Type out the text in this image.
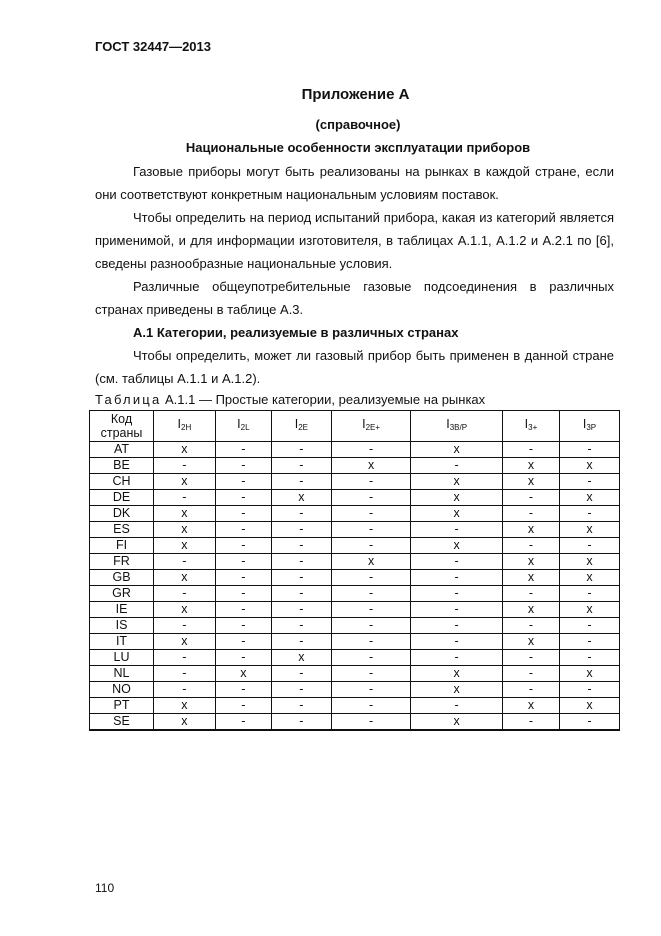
ГОСТ 32447—2013
Приложение А
(справочное)
Национальные особенности эксплуатации приборов

Газовые приборы могут быть реализованы на рынках в каждой стране, если они соответствуют конкретным национальным условиям поставок.

Чтобы определить на период испытаний прибора, какая из категорий является применимой, и для информации изготовителя, в таблицах А.1.1, А.1.2 и А.2.1 по [6], сведены разнообразные национальные условия.

Различные общеупотребительные газовые подсоединения в различных странах приведены в таблице А.3.

А.1 Категории, реализуемые в различных странах

Чтобы определить, может ли газовый прибор быть применен в данной стране (см. таблицы А.1.1 и А.1.2).

Таблица А.1.1 — Простые категории, реализуемые на рынках
Код страны	$I_{2H}$	$I_{2L}$	$I_{2E}$	$I_{2E+}$	$I_{3B/P}$	$I_{3+}$	$I_{3P}$
AT	x	-	-	-	x	-	-
BE	-	-	-	x	-	x	x
CH	x	-	-	-	x	x	-
DE	-	-	x	-	x	-	x
DK	x	-	-	-	x	-	-
ES	x	-	-	-	-	x	x
FI	x	-	-	-	x	-	-
FR	-	-	-	x	-	x	x
GB	x	-	-	-	-	x	x
GR	-	-	-	-	-	-	-
IE	x	-	-	-	-	x	x
IS	-	-	-	-	-	-	-
IT	x	-	-	-	-	x	-
LU	-	-	x	-	-	-	-
NL	-	x	-	-	x	-	x
NO	-	-	-	-	x	-	-
PT	x	-	-	-	-	x	x
SE	x	-	-	-	x	-	-
110
